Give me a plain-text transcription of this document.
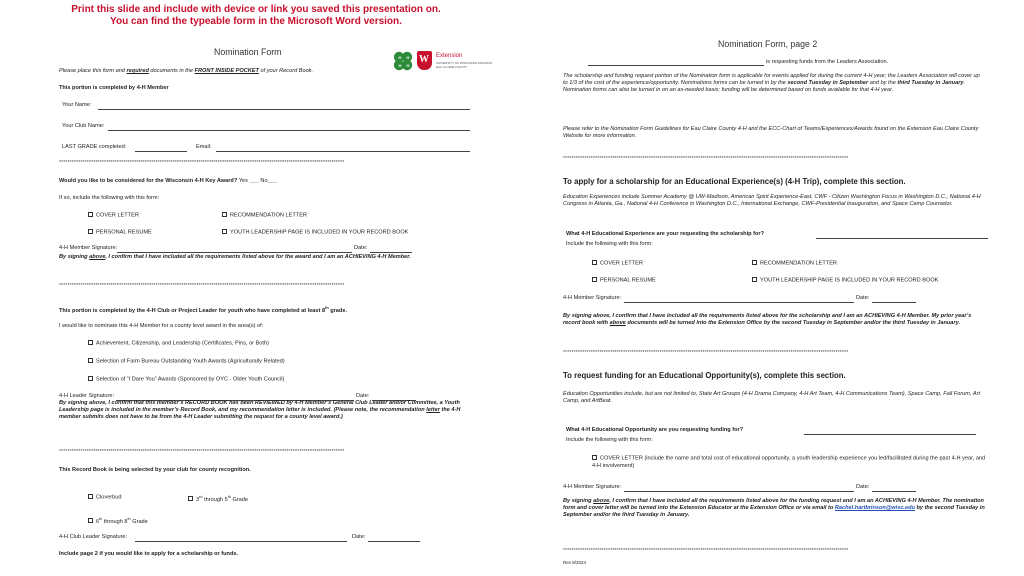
Print this slide and include with device or link you saved this presentation on.
You can find the typeable form in the Microsoft Word version.
Nomination Form
H H
H H
W Extension
UNIVERSITY OF WISCONSIN-MADISON
EAU CLAIRE COUNTY
Please place this form and required documents in the FRONT INSIDE POCKET of your Record Book.
This portion is completed by 4-H Member
Your Name:
Your Club Name:
LAST GRADE completed:	Email:
*************************************************************************************************************************************
Would you like to be considered for the Wisconsin 4-H Key Award? Yes ___ No___
If so, include the following with this form:
COVER LETTER	RECOMMENDATION LETTER
PERSONAL RESUME	YOUTH LEADERSHIP PAGE IS INCLUDED IN YOUR RECORD BOOK
4-H Member Signature:	Date:
By signing above, I confirm that I have included all the requirements listed above for the award and I am an ACHIEVING 4-H Member.
*************************************************************************************************************************************
This portion is completed by the 4-H Club or Project Leader for youth who have completed at least 8th grade.
I would like to nominate this 4-H Member for a county level award in the area(s) of:
Achievement, Citizenship, and Leadership (Certificates, Pins, or Both)
Selection of Farm Bureau Outstanding Youth Awards (Agriculturally Related)
Selection of “I Dare You” Awards (Sponsored by OYC - Older Youth Council)
4-H Leader Signature:	Date:
By signing above, I confirm that this member’s RECORD BOOK has been REVIEWED by 4-H Member’s General Club Leader and/or Committee, a Youth Leadership page is included in the member’s Record Book, and my recommendation letter is included. (Please note, the recommendation letter the 4-H member submits does not have to be from the 4-H Leader submitting the request for a county level award.)
*************************************************************************************************************************************
This Record Book is being selected by your club for county recognition.
Cloverbud	3rd through 5th Grade
6th through 8th Grade
4-H Club Leader Signature:	Date:
Include page 2 if you would like to apply for a scholarship or funds.
Nomination Form, page 2
is requesting funds from the Leaders Association.
The scholarship and funding request portion of the Nomination form is applicable for events applied for during the current 4-H year; the Leaders Association will cover up to 1/3 of the cost of the experience/opportunity. Nominations forms can be turned in by the second Tuesday in September and by the third Tuesday in January. Nomination forms can also be turned in on an as-needed basis; funding will be determined based on funds available for that 4-H year.
Please refer to the Nomination Form Guidelines for Eau Claire County 4-H and the ECC-Chart of Teams/Experiences/Awards found on the Extension Eau Claire County Website for more information.
*************************************************************************************************************************************
To apply for a scholarship for an Educational Experience(s) (4-H Trip), complete this section.
Education Experiences include Summer Academy @ UW-Madison, American Spirit Experience-East, CWF - Citizen Washington Focus in Washington D.C., National 4-H Congress in Atlanta, Ga., National 4-H Conference in Washington D.C., International Exchange, CWF-Presidential Inauguration, and Space Camp Counselor.
What 4-H Educational Experience are your requesting the scholarship for?
Include the following with this form:
COVER LETTER	RECOMMENDATION LETTER
PERSONAL RESUME	YOUTH LEADERSHIP PAGE IS INCLUDED IN YOUR RECORD BOOK
4-H Member Signature:	Date:
By signing above, I confirm that I have included all the requirements listed above for the scholarship and I am an ACHIEVING 4-H Member. My prior year’s record book with above documents will be turned into the Extension Office by the second Tuesday in September and/or the third Tuesday in January.
*************************************************************************************************************************************
To request funding for an Educational Opportunity(s), complete this section.
Education Opportunities include, but are not limited to, State Art Groups (4-H Drama Company, 4-H Art Team, 4-H Communications Team), Space Camp, Fall Forum, Art Camp, and ArtBeat.
What 4-H Educational Opportunity are you requesting funding for?
Include the following with this form:
COVER LETTER (include the name and total cost of educational opportunity, a youth leadership experience you led/facilitated during the past 4-H year, and 4-H involvement)
4-H Member Signature:	Date:
By signing above, I confirm that I have included all the requirements listed above for the funding request and I am an ACHIEVING 4-H Member. The nomination form and cover letter will be turned into the Extension Educator at the Extension Office or via email to Rachel.hartbrinson@wisc.edu by the second Tuesday in September and/or the third Tuesday in January.
*************************************************************************************************************************************
Rev 8/2024
